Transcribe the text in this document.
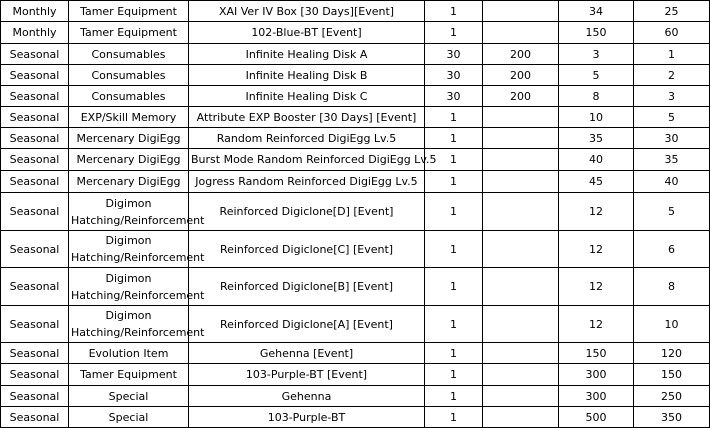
Monthly	Tamer Equipment	XAI Ver IV Box [30 Days][Event]	1		34	25
Monthly	Tamer Equipment	102-Blue-BT [Event]	1		150	60
Seasonal	Consumables	Infinite Healing Disk A	30	200	3	1
Seasonal	Consumables	Infinite Healing Disk B	30	200	5	2
Seasonal	Consumables	Infinite Healing Disk C	30	200	8	3
Seasonal	EXP/Skill Memory	Attribute EXP Booster [30 Days] [Event]	1		10	5
Seasonal	Mercenary DigiEgg	Random Reinforced DigiEgg Lv.5	1		35	30
Seasonal	Mercenary DigiEgg	Burst Mode Random Reinforced DigiEgg Lv.5	1		40	35
Seasonal	Mercenary DigiEgg	Jogress Random Reinforced DigiEgg Lv.5	1		45	40
Seasonal	Digimon Hatching/Reinforcement	Reinforced Digiclone[D] [Event]	1		12	5
Seasonal	Digimon Hatching/Reinforcement	Reinforced Digiclone[C] [Event]	1		12	6
Seasonal	Digimon Hatching/Reinforcement	Reinforced Digiclone[B] [Event]	1		12	8
Seasonal	Digimon Hatching/Reinforcement	Reinforced Digiclone[A] [Event]	1		12	10
Seasonal	Evolution Item	Gehenna [Event]	1		150	120
Seasonal	Tamer Equipment	103-Purple-BT [Event]	1		300	150
Seasonal	Special	Gehenna	1		300	250
Seasonal	Special	103-Purple-BT	1		500	350
